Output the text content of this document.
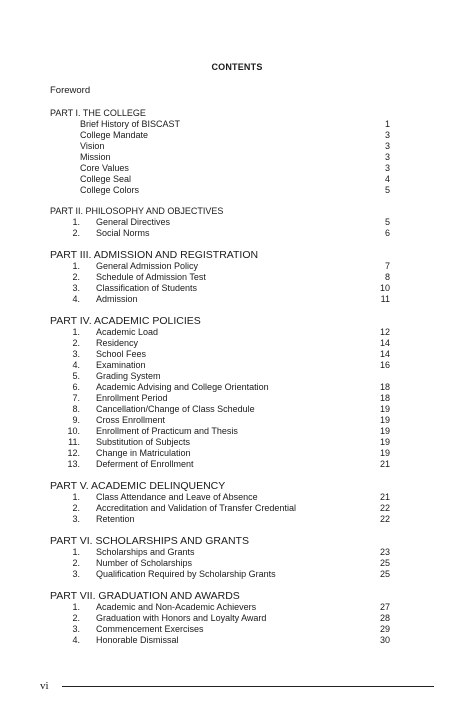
CONTENTS
Foreword
PART I. THE COLLEGE
Brief History of BISCAST	1
College Mandate	3
Vision	3
Mission	3
Core Values	3
College Seal	4
College Colors	5
PART II. PHILOSOPHY AND OBJECTIVES
1. General Directives	5
2. Social Norms	6
PART III. ADMISSION AND REGISTRATION
1. General Admission Policy	7
2. Schedule of Admission Test	8
3. Classification of Students	10
4. Admission	11
PART IV. ACADEMIC POLICIES
1. Academic Load	12
2. Residency	14
3. School Fees	14
4. Examination	16
5. Grading System
6. Academic Advising and College Orientation	18
7. Enrollment Period	18
8. Cancellation/Change of Class Schedule	19
9. Cross Enrollment	19
10. Enrollment of Practicum and Thesis	19
11. Substitution of Subjects	19
12. Change in Matriculation	19
13. Deferment of Enrollment	21
PART V. ACADEMIC DELINQUENCY
1. Class Attendance and Leave of Absence	21
2. Accreditation and Validation of Transfer Credential	22
3. Retention	22
PART VI. SCHOLARSHIPS AND GRANTS
1. Scholarships and Grants	23
2. Number of Scholarships	25
3. Qualification Required by Scholarship Grants	25
PART VII. GRADUATION AND AWARDS
1. Academic and Non-Academic Achievers	27
2. Graduation with Honors and Loyalty Award	28
3. Commencement Exercises	29
4. Honorable Dismissal	30
vi
